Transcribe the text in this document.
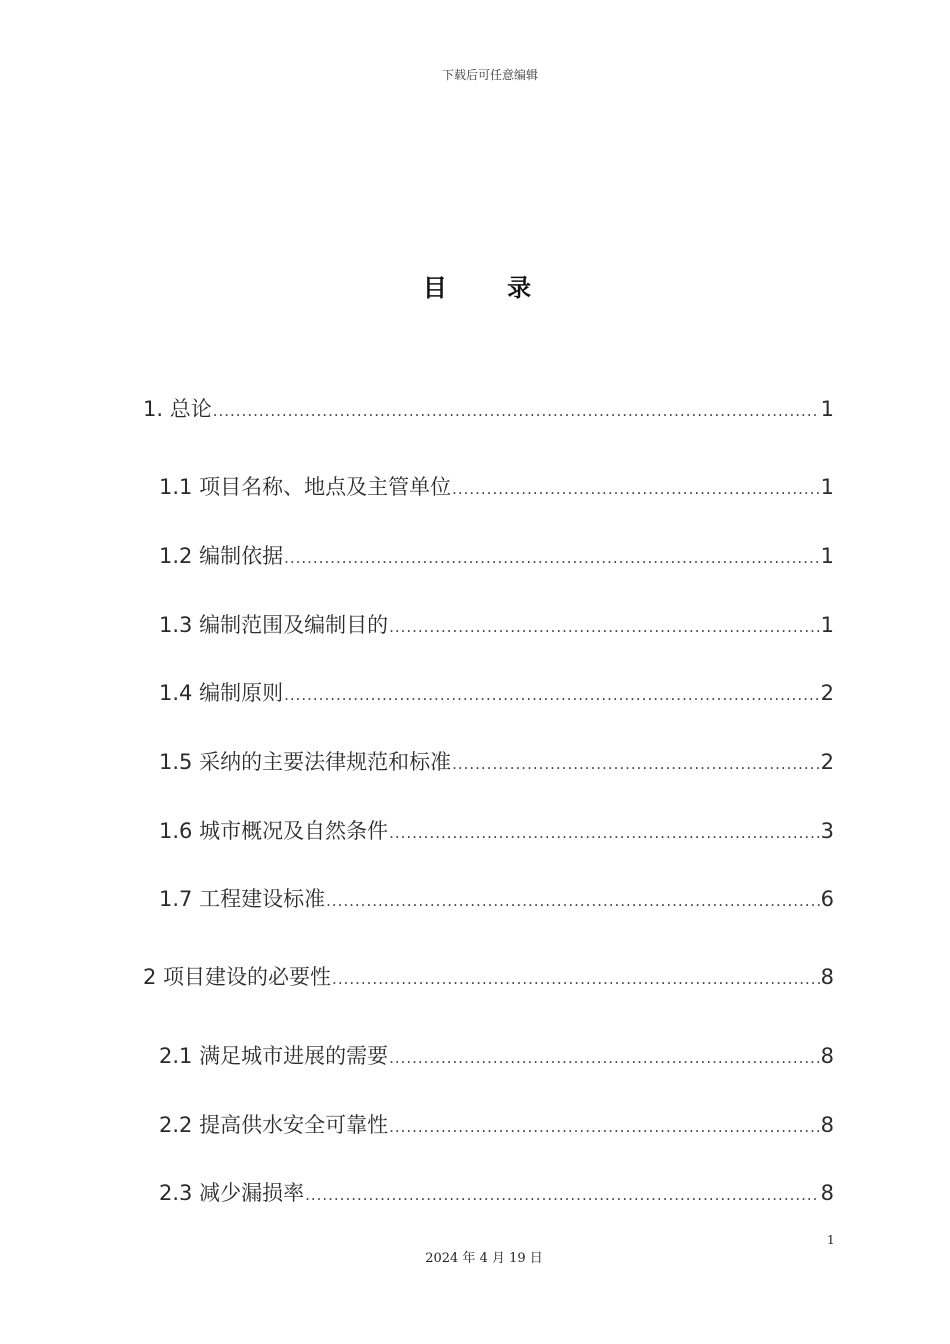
下载后可任意编辑
目 录
1. 总论 .....	1
1.1 项目名称、地点及主管单位 .....	1
1.2 编制依据 .....	1
1.3 编制范围及编制目的 .....	1
1.4 编制原则 .....	2
1.5 采纳的主要法律规范和标准 .....	2
1.6 城市概况及自然条件 .....	3
1.7 工程建设标准 .....	6
2 项目建设的必要性 .....	8
2.1 满足城市进展的需要 .....	8
2.2 提高供水安全可靠性 .....	8
2.3 减少漏损率 .....	8
1
2024 年 4 月 19 日
